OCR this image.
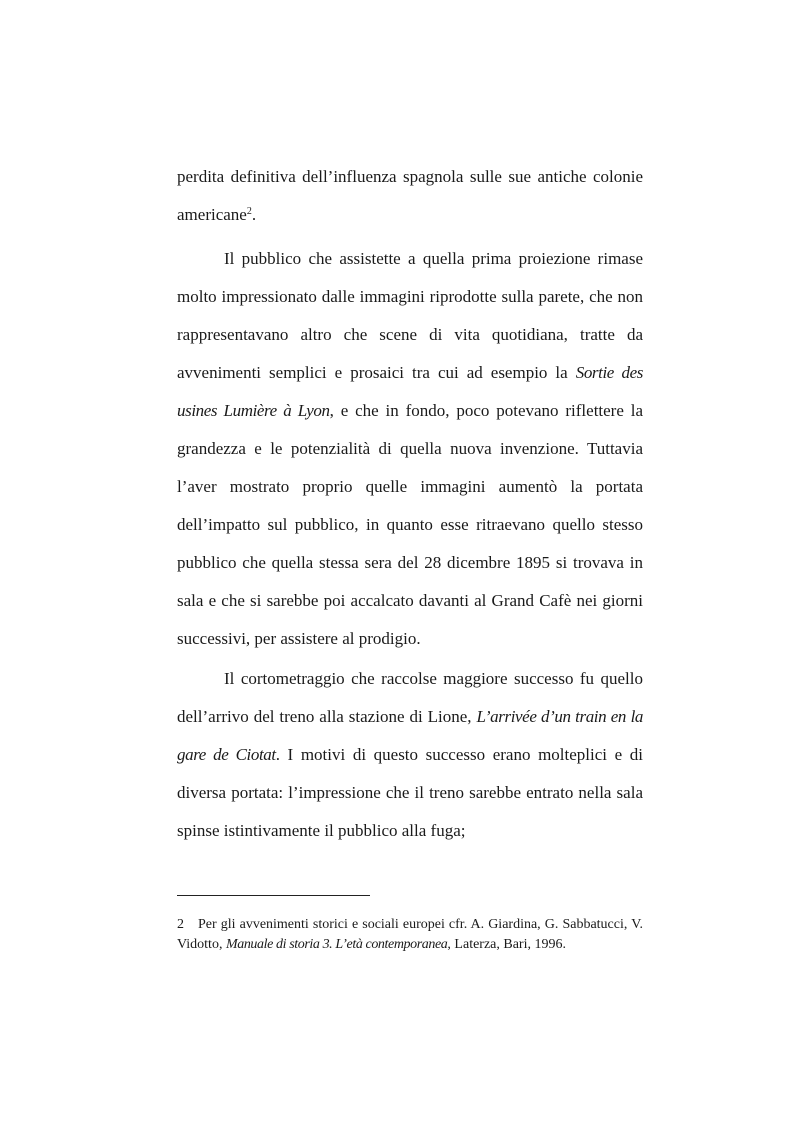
perdita definitiva dell’influenza spagnola sulle sue antiche colonie americane$^2$.

Il pubblico che assistette a quella prima proiezione rimase molto impressionato dalle immagini riprodotte sulla parete, che non rappresentavano altro che scene di vita quotidiana, tratte da avvenimenti semplici e prosaici tra cui ad esempio la Sortie des usines Lumière à Lyon, e che in fondo, poco potevano riflettere la grandezza e le potenzialità di quella nuova invenzione. Tuttavia l’aver mostrato proprio quelle immagini aumentò la portata dell’impatto sul pubblico, in quanto esse ritraevano quello stesso pubblico che quella stessa sera del 28 dicembre 1895 si trovava in sala e che si sarebbe poi accalcato davanti al Grand Cafè nei giorni successivi, per assistere al prodigio.

Il cortometraggio che raccolse maggiore successo fu quello dell’arrivo del treno alla stazione di Lione, L’arrivée d’un train en la gare de Ciotat. I motivi di questo successo erano molteplici e di diversa portata: l’impressione che il treno sarebbe entrato nella sala spinse istintivamente il pubblico alla fuga;

2 Per gli avvenimenti storici e sociali europei cfr. A. Giardina, G. Sabbatucci, V. Vidotto, Manuale di storia 3. L’età contemporanea, Laterza, Bari, 1996.
